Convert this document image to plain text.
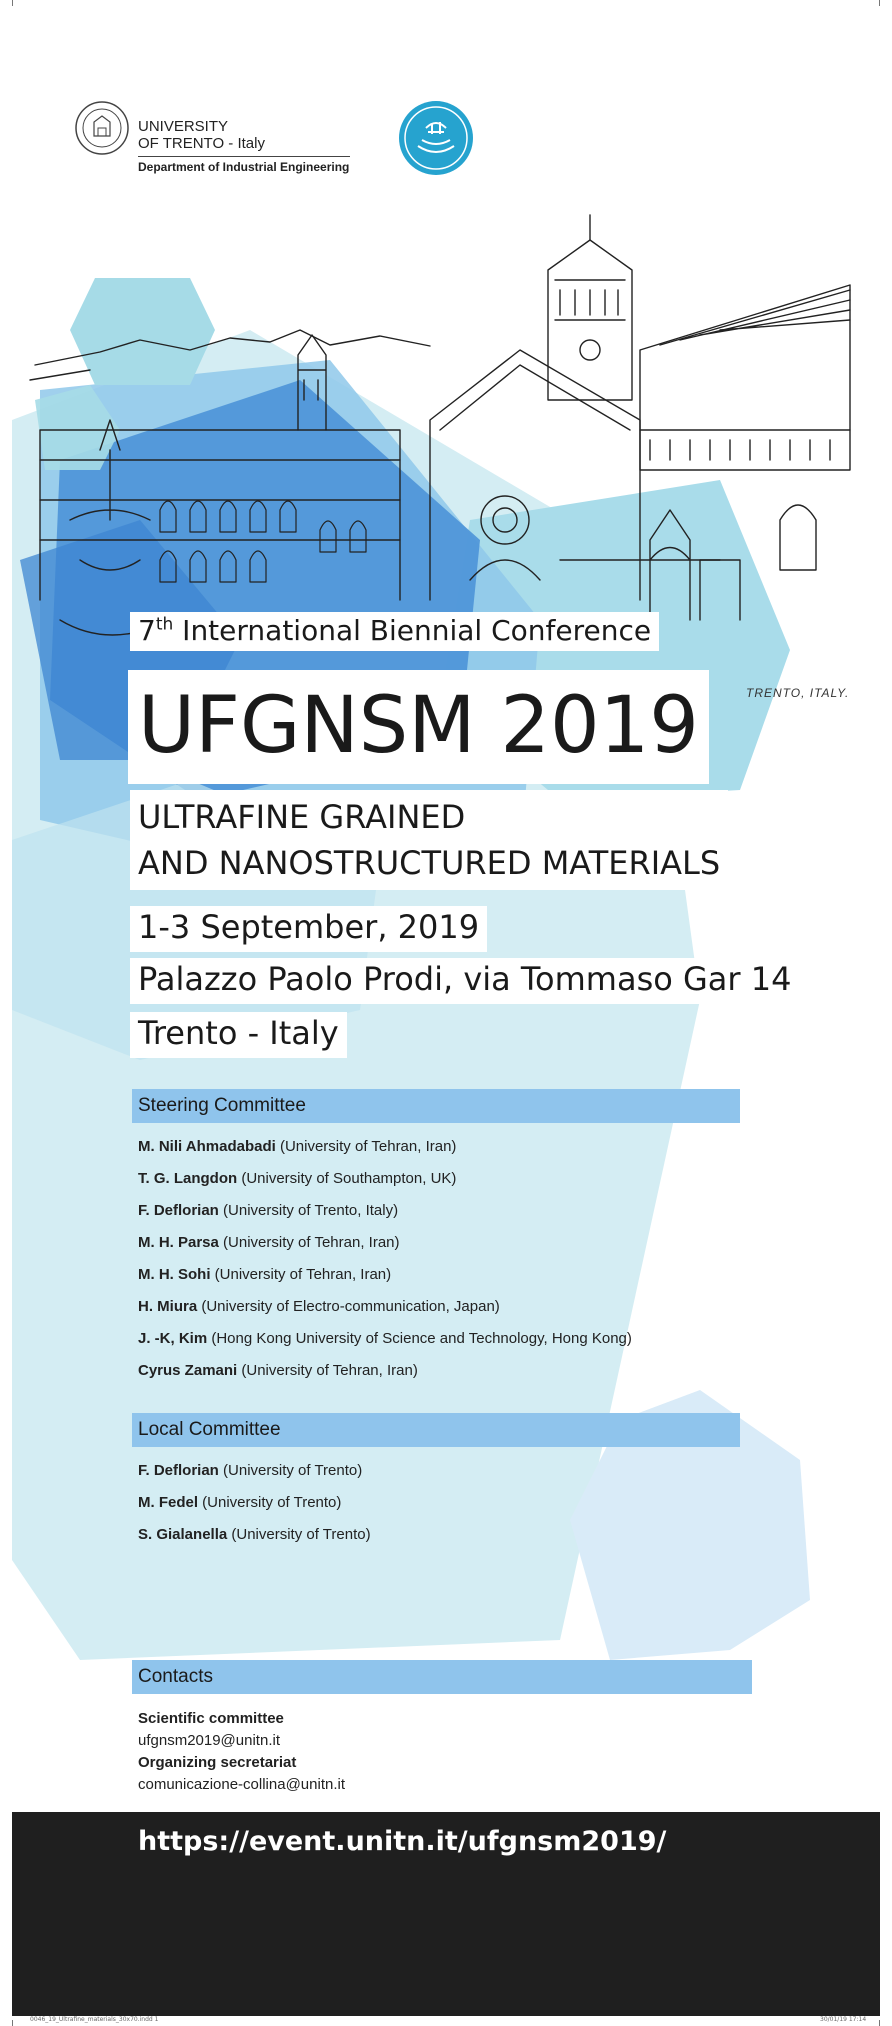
UNIVERSITY
OF TRENTO - Italy
Department of Industrial Engineering
TRENTO, ITALY.
7th International Biennial Conference
UFGNSM 2019
ULTRAFINE GRAINED
AND NANOSTRUCTURED MATERIALS
1-3 September, 2019
Palazzo Paolo Prodi, via Tommaso Gar 14
Trento - Italy
Steering Committee
M. Nili Ahmadabadi (University of Tehran, Iran)
T. G. Langdon (University of Southampton, UK)
F. Deflorian (University of Trento, Italy)
M. H. Parsa (University of Tehran, Iran)
M. H. Sohi (University of Tehran, Iran)
H. Miura (University of Electro-communication, Japan)
J. -K, Kim (Hong Kong University of Science and Technology, Hong Kong)
Cyrus Zamani (University of Tehran, Iran)
Local Committee
F. Deflorian (University of Trento)
M. Fedel (University of Trento)
S. Gialanella (University of Trento)
Contacts
Scientific committee
ufgnsm2019@unitn.it
Organizing secretariat
comunicazione-collina@unitn.it
https://event.unitn.it/ufgnsm2019/
0046_19_Ultrafine_materials_30x70.indd 1	30/01/19 17:14
